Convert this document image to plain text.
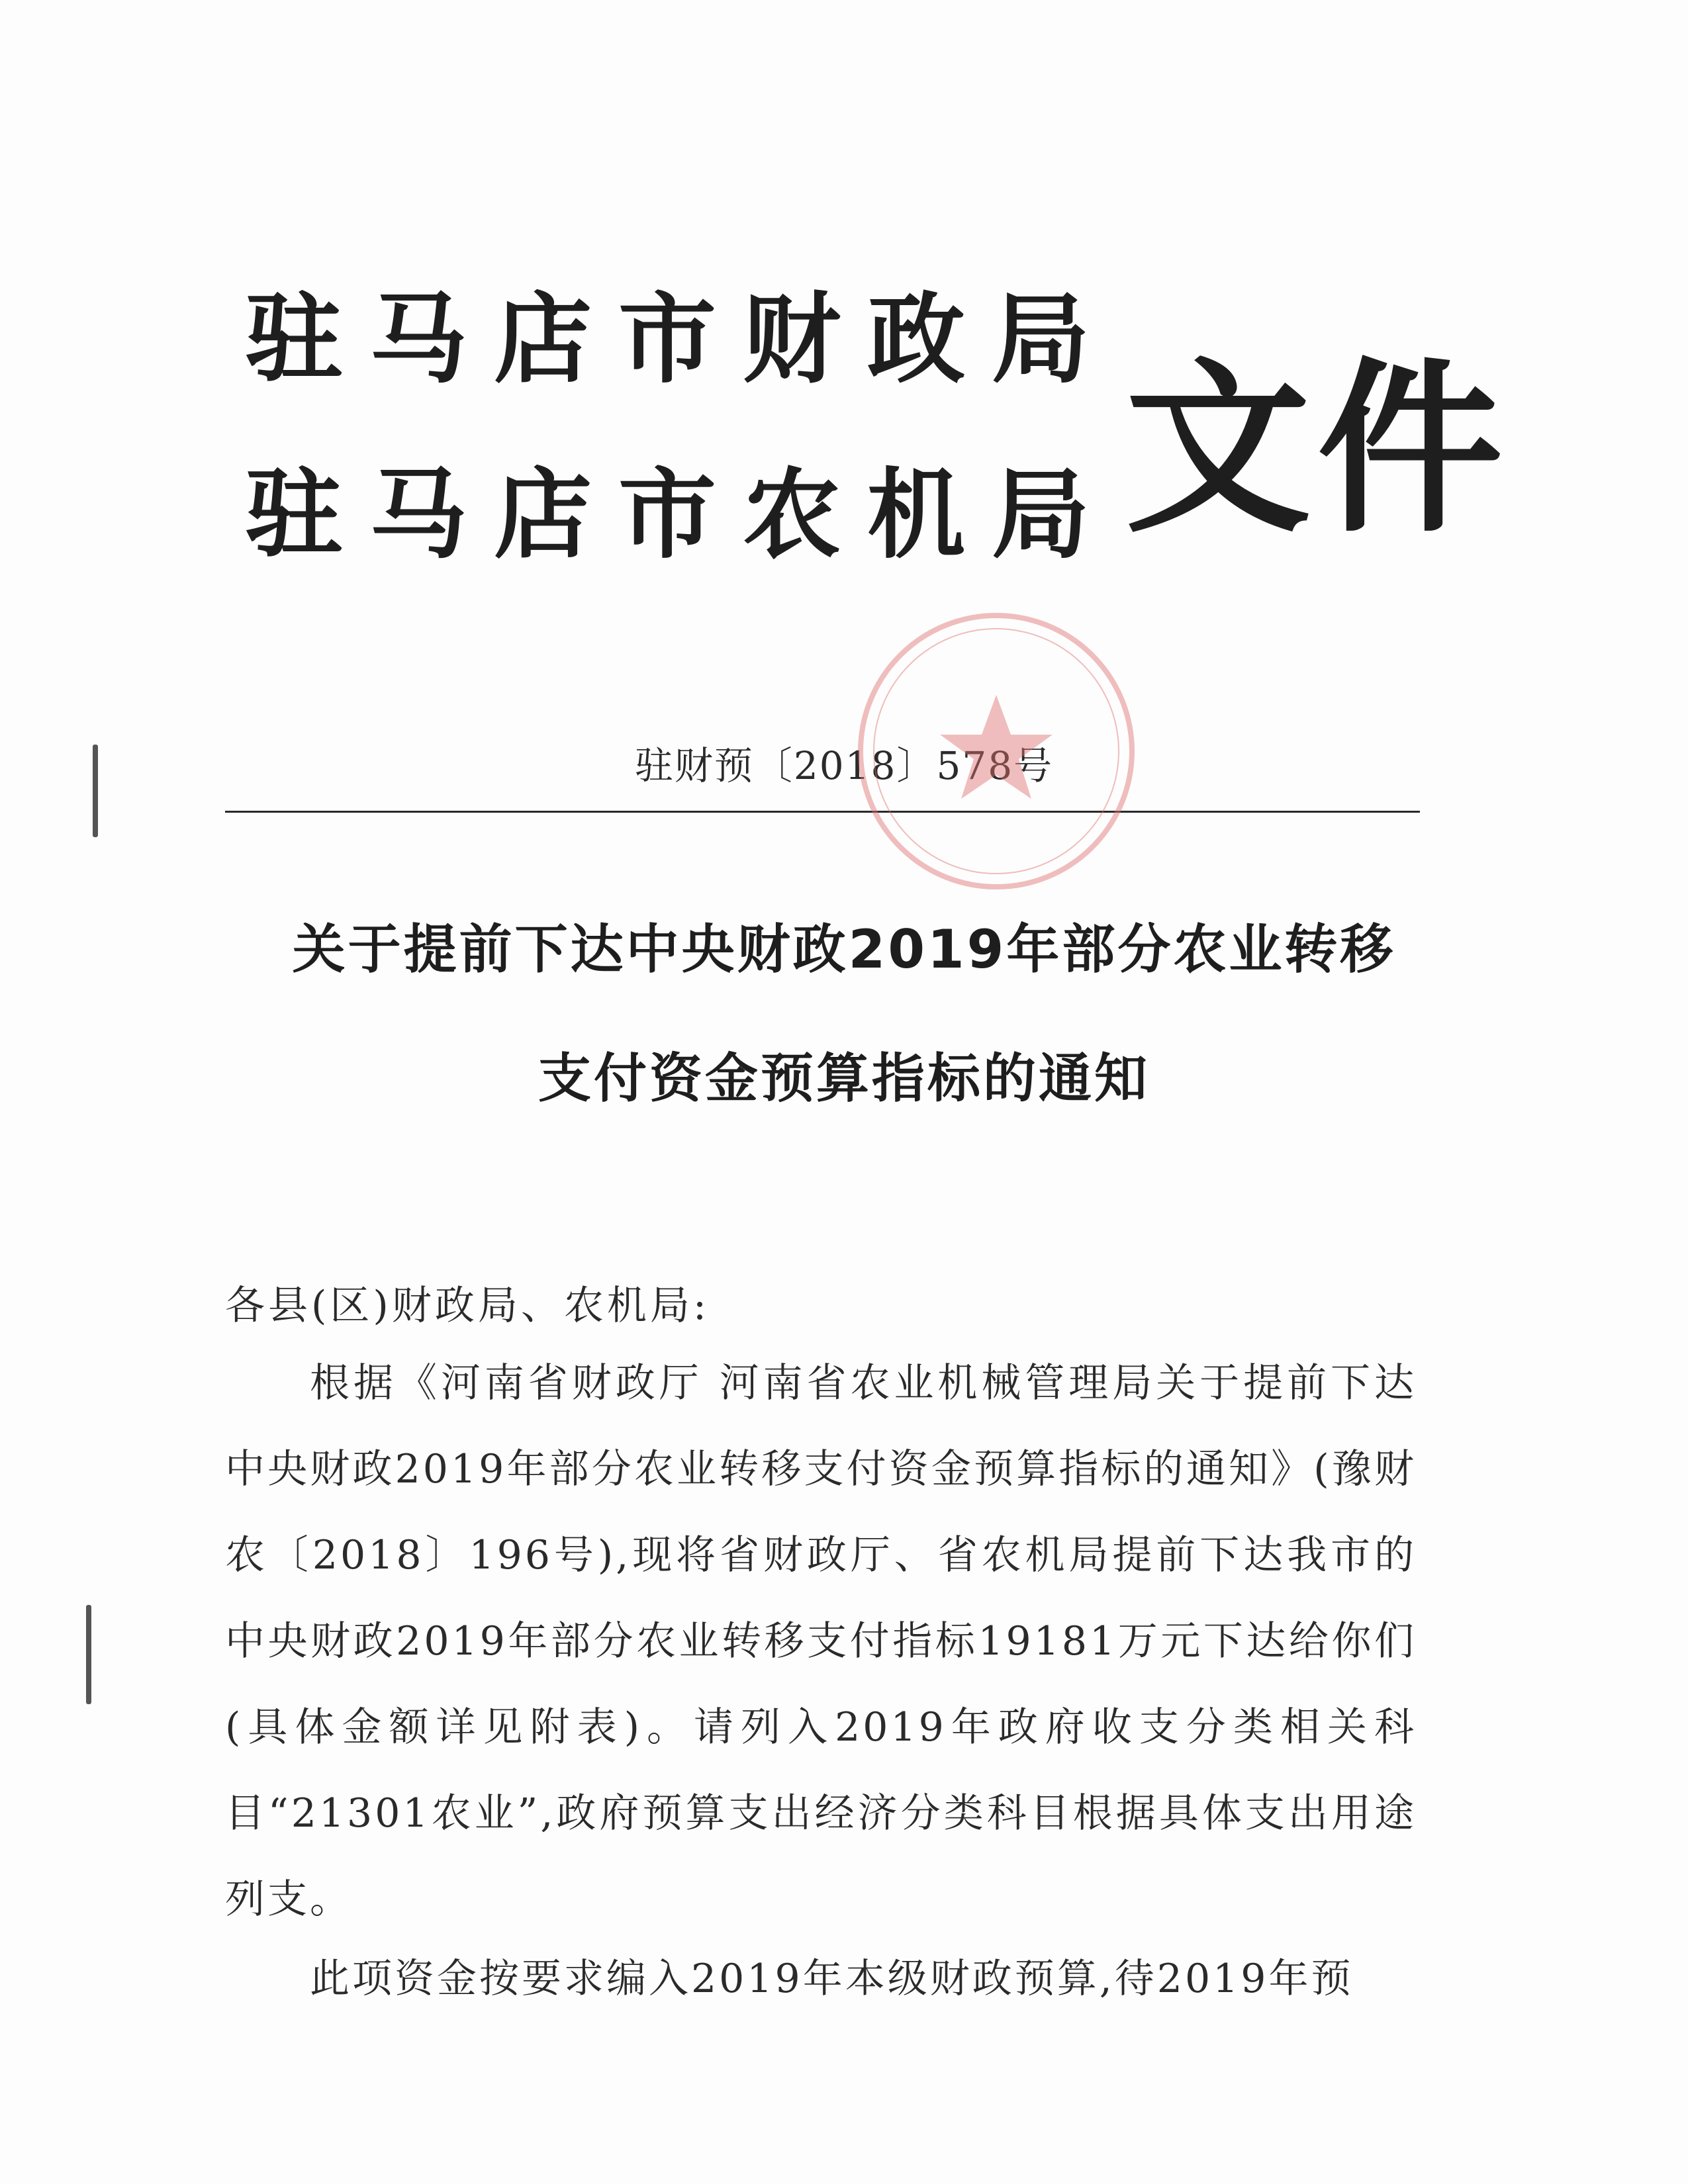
驻马店市财政局
驻马店市农机局 文件
驻财预〔2018〕578号
关于提前下达中央财政2019年部分农业转移
支付资金预算指标的通知
各县(区)财政局、农机局:

根据《河南省财政厅 河南省农业机械管理局关于提前下达中央财政2019年部分农业转移支付资金预算指标的通知》(豫财农〔2018〕196号),现将省财政厅、省农机局提前下达我市的中央财政2019年部分农业转移支付指标19181万元下达给你们(具体金额详见附表)。请列入2019年政府收支分类相关科目“21301农业”,政府预算支出经济分类科目根据具体支出用途列支。

此项资金按要求编入2019年本级财政预算,待2019年预
